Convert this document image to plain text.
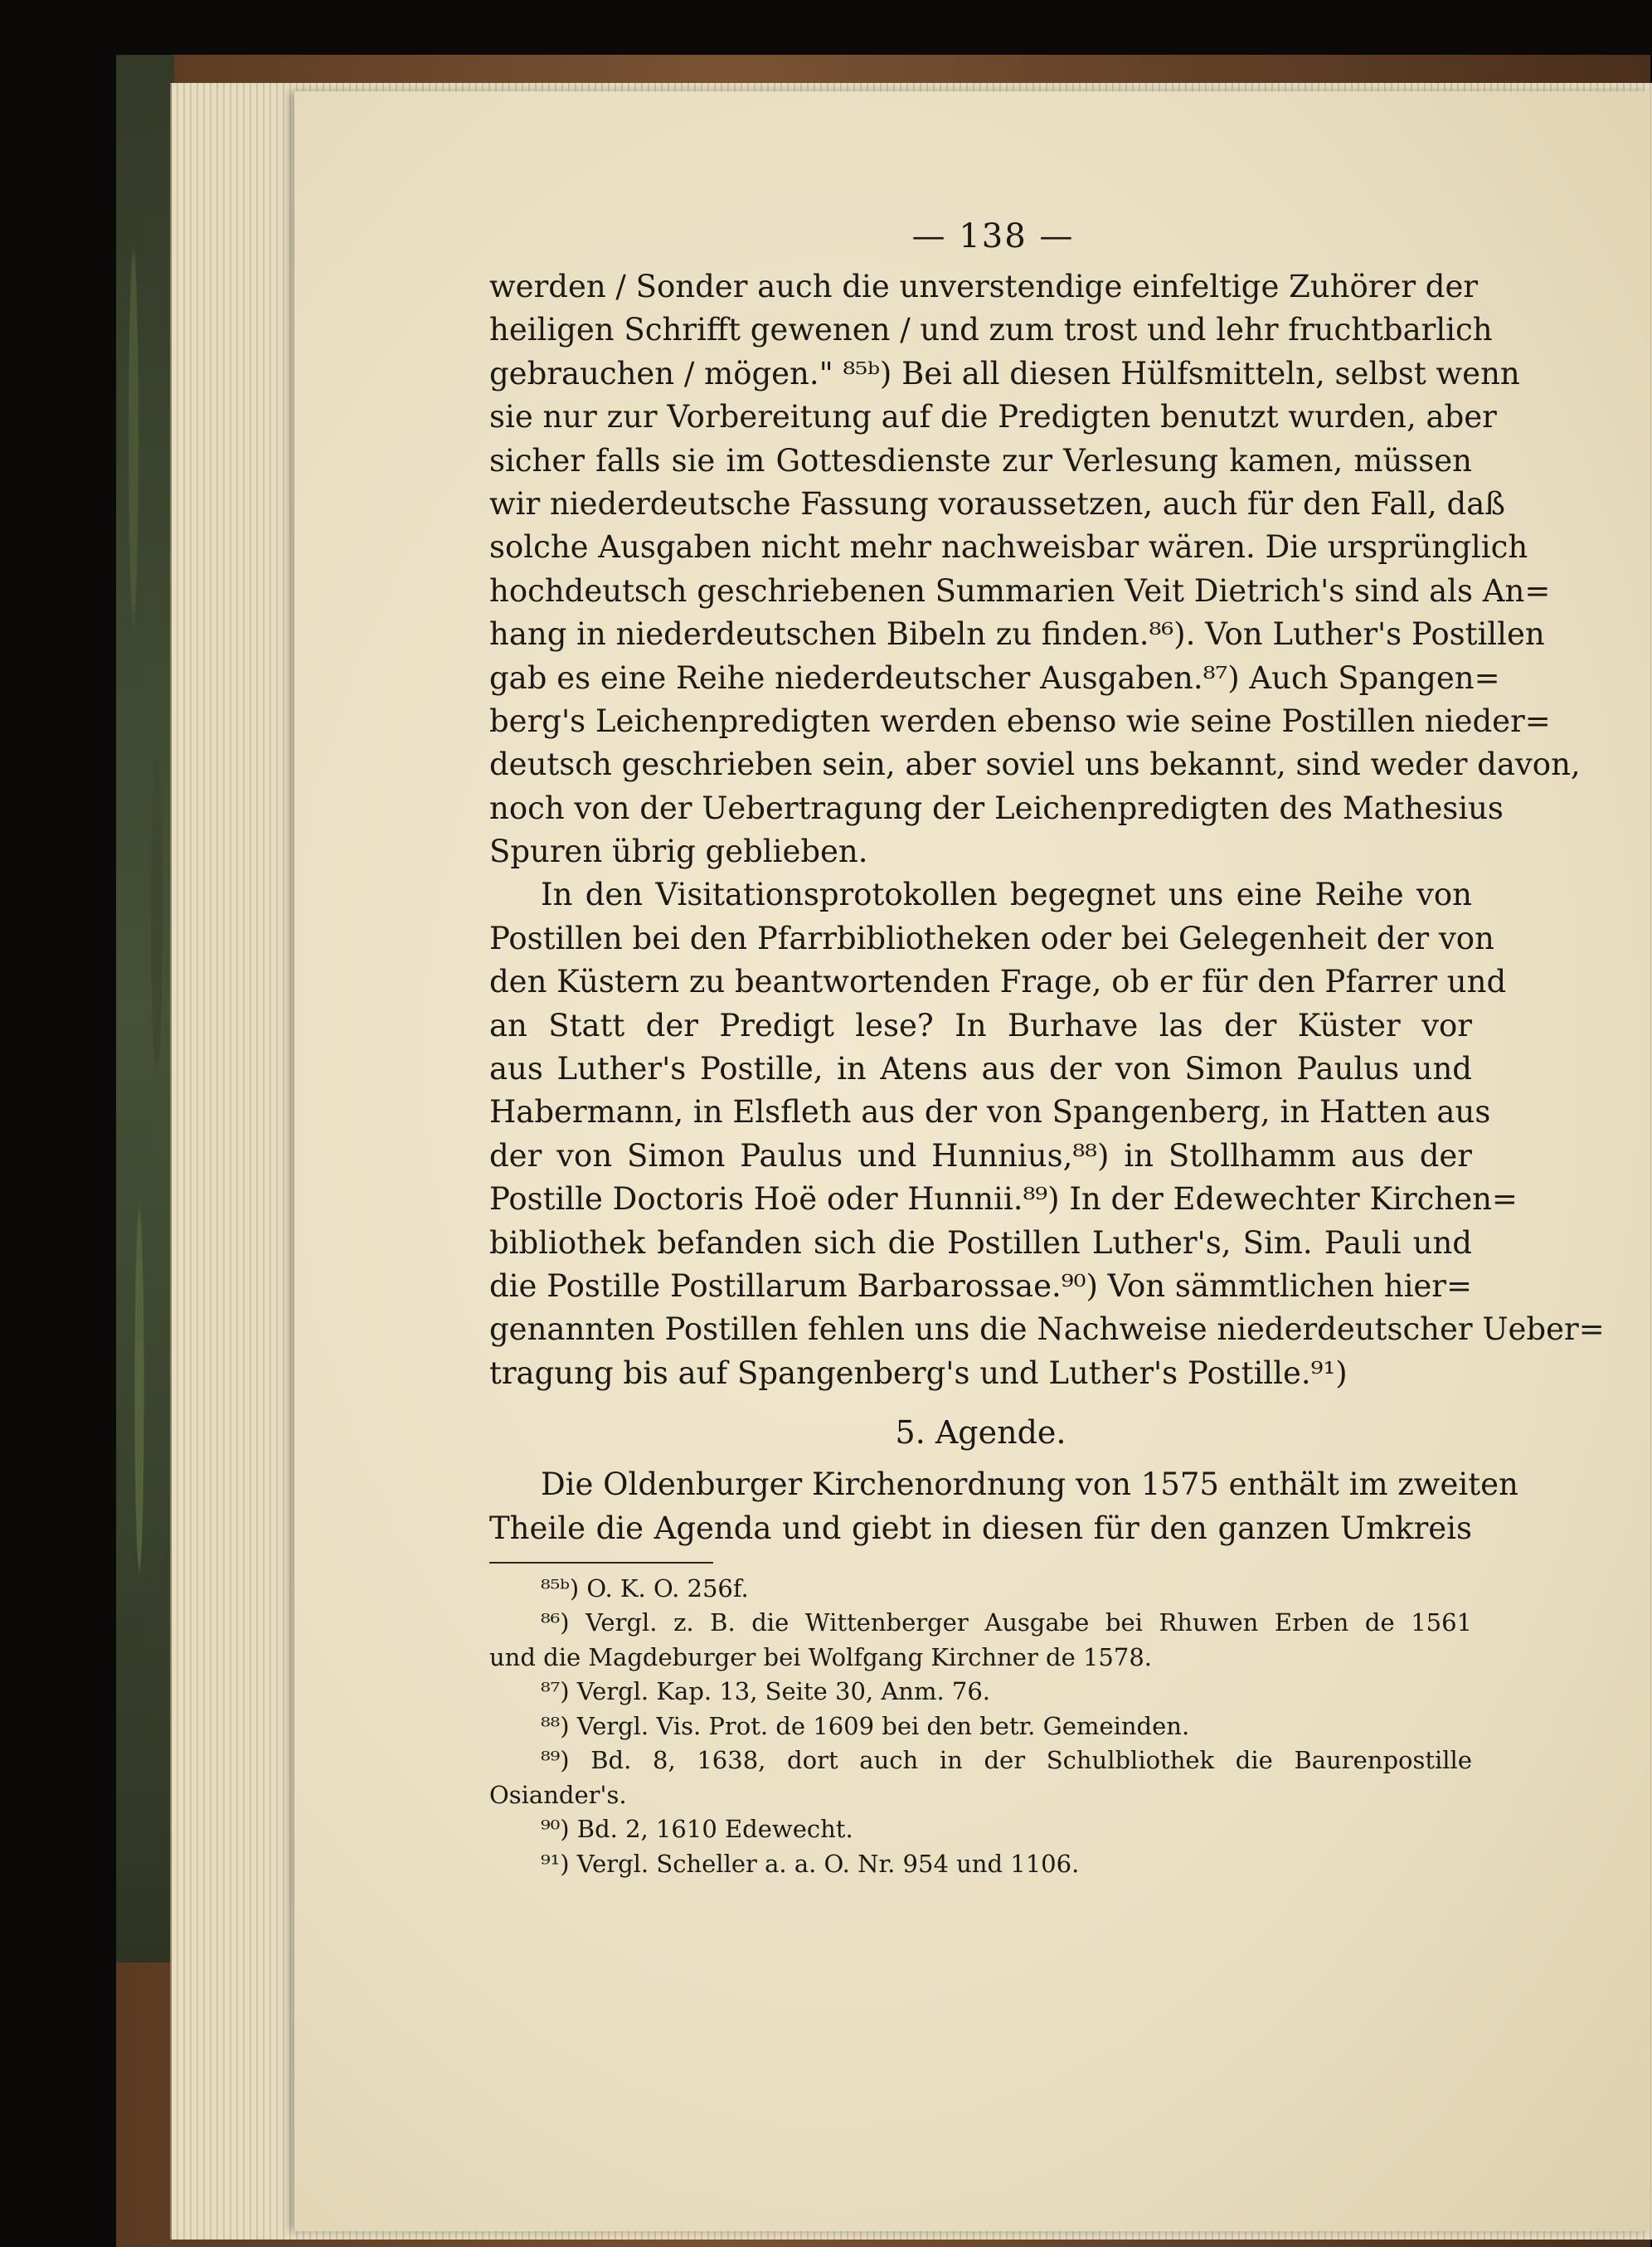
— 138 —
werden / Sonder auch die unverstendige einfeltige Zuhörer der
heiligen Schrifft gewenen / und zum trost und lehr fruchtbarlich
gebrauchen / mögen." ⁸⁵ᵇ) Bei all diesen Hülfsmitteln, selbst wenn
sie nur zur Vorbereitung auf die Predigten benutzt wurden, aber
sicher falls sie im Gottesdienste zur Verlesung kamen, müssen
wir niederdeutsche Fassung voraussetzen, auch für den Fall, daß
solche Ausgaben nicht mehr nachweisbar wären. Die ursprünglich
hochdeutsch geschriebenen Summarien Veit Dietrich's sind als An=
hang in niederdeutschen Bibeln zu finden.⁸⁶). Von Luther's Postillen
gab es eine Reihe niederdeutscher Ausgaben.⁸⁷) Auch Spangen=
berg's Leichenpredigten werden ebenso wie seine Postillen nieder=
deutsch geschrieben sein, aber soviel uns bekannt, sind weder davon,
noch von der Uebertragung der Leichenpredigten des Mathesius
Spuren übrig geblieben.
In den Visitationsprotokollen begegnet uns eine Reihe von
Postillen bei den Pfarrbibliotheken oder bei Gelegenheit der von
den Küstern zu beantwortenden Frage, ob er für den Pfarrer und
an Statt der Predigt lese? In Burhave las der Küster vor
aus Luther's Postille, in Atens aus der von Simon Paulus und
Habermann, in Elsfleth aus der von Spangenberg, in Hatten aus
der von Simon Paulus und Hunnius,⁸⁸) in Stollhamm aus der
Postille Doctoris Hoë oder Hunnii.⁸⁹) In der Edewechter Kirchen=
bibliothek befanden sich die Postillen Luther's, Sim. Pauli und
die Postille Postillarum Barbarossae.⁹⁰) Von sämmtlichen hier=
genannten Postillen fehlen uns die Nachweise niederdeutscher Ueber=
tragung bis auf Spangenberg's und Luther's Postille.⁹¹)
5. Agende.
Die Oldenburger Kirchenordnung von 1575 enthält im zweiten
Theile die Agenda und giebt in diesen für den ganzen Umkreis
⁸⁵ᵇ) O. K. O. 256f.
⁸⁶) Vergl. z. B. die Wittenberger Ausgabe bei Rhuwen Erben de 1561
und die Magdeburger bei Wolfgang Kirchner de 1578.
⁸⁷) Vergl. Kap. 13, Seite 30, Anm. 76.
⁸⁸) Vergl. Vis. Prot. de 1609 bei den betr. Gemeinden.
⁸⁹) Bd. 8, 1638, dort auch in der Schulbliothek die Baurenpostille
Osiander's.
⁹⁰) Bd. 2, 1610 Edewecht.
⁹¹) Vergl. Scheller a. a. O. Nr. 954 und 1106.
